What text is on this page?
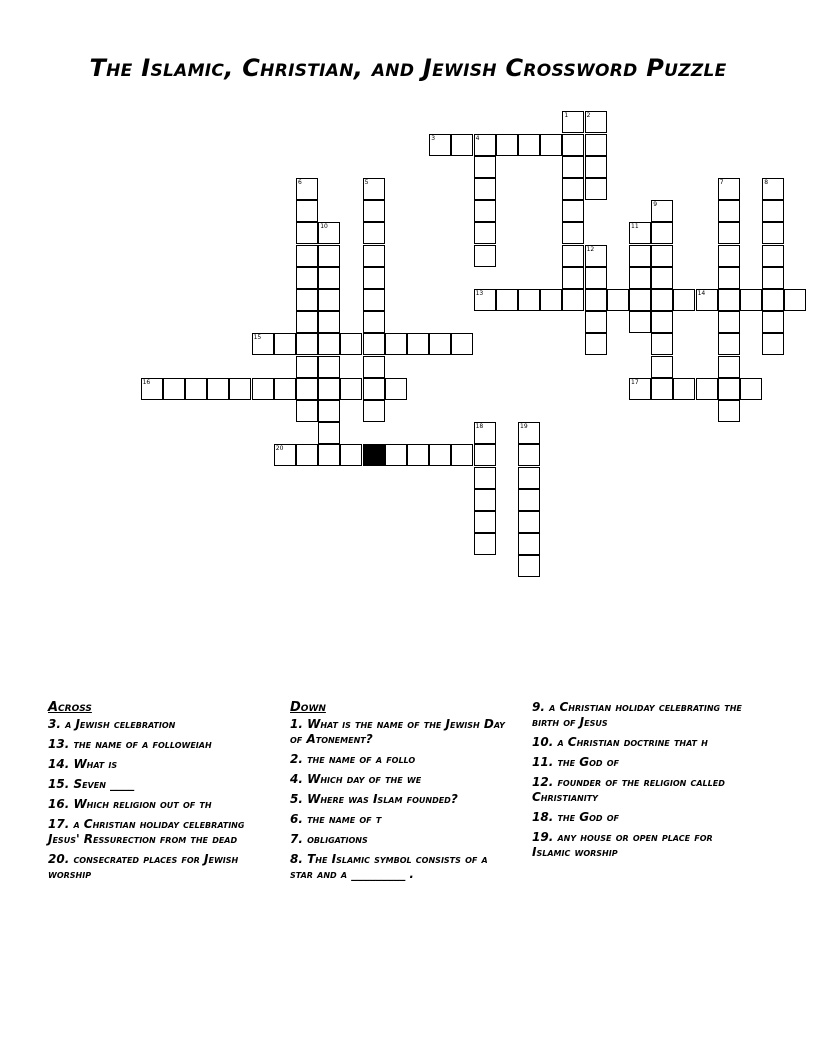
The Islamic, Christian, and Jewish Crossword Puzzle
1	2
3	4
5
6	7	8
9
10	11
12
13	14
15
16	17
18	19
20
Across
3. a Jewish celebration
13. the name of a followeiah
14. What is
15. Seven ____
16. Which religion out of th
17. a Christian holiday celebrating Jesus' Ressurection from the dead
20. consecrated places for Jewish worship
Down
1. What is the name of the Jewish Day of Atonement?
2. the name of a follo
4. Which day of the we
5. Where was Islam founded?
6. the name of t
7. obligations
8. The Islamic symbol consists of a star and a _________ .
9. a Christian holiday celebrating the birth of Jesus
10. a Christian doctrine that h
11. the God of
12. founder of the religion called Christianity
18. the God of
19. any house or open place for Islamic worship
